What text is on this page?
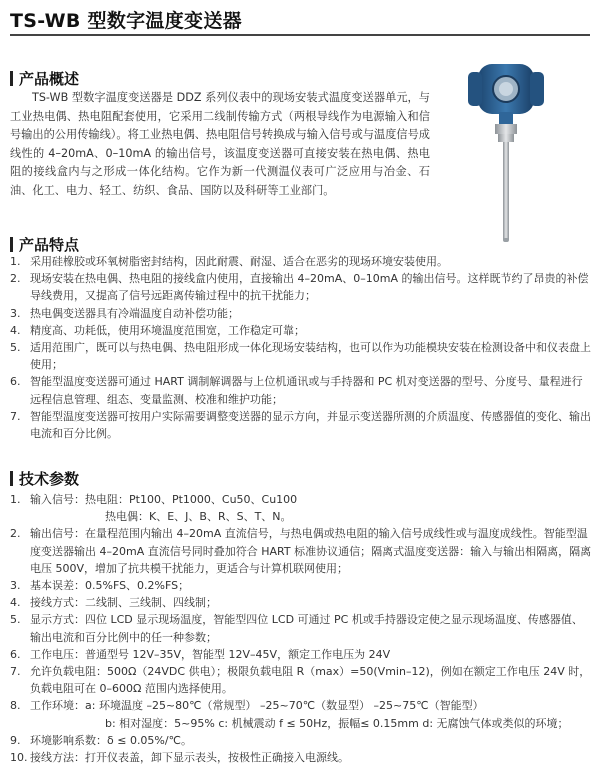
TS-WB 型数字温度变送器
产品概述

TS-WB 型数字温度变送器是 DDZ 系列仪表中的现场安装式温度变送器单元，与工业热电偶、热电阻配套使用，它采用二线制传输方式（两根导线作为电源输入和信号输出的公用传输线）。将工业热电偶、热电阻信号转换成与输入信号或与温度信号成线性的 4–20mA、0–10mA 的输出信号，该温度变送器可直接安装在热电偶、热电阻的接线盒内与之形成一体化结构。它作为新一代测温仪表可广泛应用与冶金、石油、化工、电力、轻工、纺织、食品、国防以及科研等工业部门。

产品特点
1. 采用硅橡胶或环氧树脂密封结构，因此耐震、耐湿、适合在恶劣的现场环境安装使用。
2. 现场安装在热电偶、热电阻的接线盒内使用，直接输出 4–20mA、0–10mA 的输出信号。这样既节约了昂贵的补偿导线费用，又提高了信号远距离传输过程中的抗干扰能力；
3. 热电偶变送器具有冷端温度自动补偿功能；
4. 精度高、功耗低，使用环境温度范围宽，工作稳定可靠；
5. 适用范围广，既可以与热电偶、热电阻形成一体化现场安装结构，也可以作为功能模块安装在检测设备中和仪表盘上使用；
6. 智能型温度变送器可通过 HART 调制解调器与上位机通讯或与手持器和 PC 机对变送器的型号、分度号、量程进行远程信息管理、组态、变量监测、校准和维护功能；
7. 智能型温度变送器可按用户实际需要调整变送器的显示方向，并显示变送器所测的介质温度、传感器值的变化、输出电流和百分比例。
技术参数
1. 输入信号：热电阻：Pt100、Pt1000、Cu50、Cu100
热电偶：K、E、J、B、R、S、T、N。
2. 输出信号：在量程范围内输出 4–20mA 直流信号，与热电偶或热电阻的输入信号成线性或与温度成线性。智能型温度变送器输出 4–20mA 直流信号同时叠加符合 HART 标准协议通信；隔离式温度变送器：输入与输出相隔离，隔离电压 500V，增加了抗共模干扰能力，更适合与计算机联网使用；
3. 基本误差：0.5%FS、0.2%FS；
4. 接线方式：二线制、三线制、四线制；
5. 显示方式：四位 LCD 显示现场温度，智能型四位 LCD 可通过 PC 机或手持器设定使之显示现场温度、传感器值、输出电流和百分比例中的任一种参数；
6. 工作电压：普通型号 12V–35V，智能型 12V–45V，额定工作电压为 24V
7. 允许负载电阻：500Ω（24VDC 供电）；极限负载电阻 R（max）=50(Vmin–12)，例如在额定工作电压 24V 时，负载电阻可在 0–600Ω 范围内选择使用。
8. 工作环境：a: 环境温度 –25~80℃（常规型） –25~70℃（数显型） –25~75℃（智能型）
b: 相对湿度：5~95% c: 机械震动 f ≤ 50Hz，振幅≤ 0.15mm d: 无腐蚀气体或类似的环境；
9. 环境影响系数：δ ≤ 0.05%/℃。
10. 接线方法：打开仪表盖，卸下显示表头，按极性正确接入电源线。
